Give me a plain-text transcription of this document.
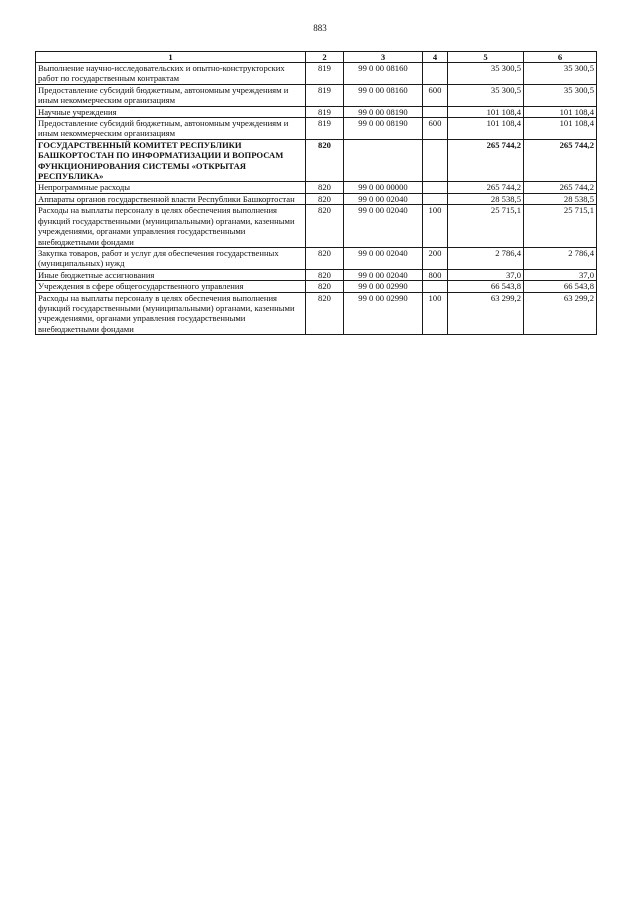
883
1	2	3	4	5	6
Выполнение научно-исследовательских и опытно-конструкторских работ по государственным контрактам	819	99 0 00 08160		35 300,5	35 300,5
Предоставление субсидий бюджетным, автономным учреждениям и иным некоммерческим организациям	819	99 0 00 08160	600	35 300,5	35 300,5
Научные учреждения	819	99 0 00 08190		101 108,4	101 108,4
Предоставление субсидий бюджетным, автономным учреждениям и иным некоммерческим организациям	819	99 0 00 08190	600	101 108,4	101 108,4
ГОСУДАРСТВЕННЫЙ КОМИТЕТ РЕСПУБЛИКИ БАШКОРТОСТАН ПО ИНФОРМАТИЗАЦИИ И ВОПРОСАМ ФУНКЦИОНИРОВАНИЯ СИСТЕМЫ «ОТКРЫТАЯ РЕСПУБЛИКА»	820			265 744,2	265 744,2
Непрограммные расходы	820	99 0 00 00000		265 744,2	265 744,2
Аппараты органов государственной власти Республики Башкортостан	820	99 0 00 02040		28 538,5	28 538,5
Расходы на выплаты персоналу в целях обеспечения выполнения функций государственными (муниципальными) органами, казенными учреждениями, органами управления государственными внебюджетными фондами	820	99 0 00 02040	100	25 715,1	25 715,1
Закупка товаров, работ и услуг для обеспечения государственных (муниципальных) нужд	820	99 0 00 02040	200	2 786,4	2 786,4
Иные бюджетные ассигнования	820	99 0 00 02040	800	37,0	37,0
Учреждения в сфере общегосударственного управления	820	99 0 00 02990		66 543,8	66 543,8
Расходы на выплаты персоналу в целях обеспечения выполнения функций государственными (муниципальными) органами, казенными учреждениями, органами управления государственными внебюджетными фондами	820	99 0 00 02990	100	63 299,2	63 299,2
